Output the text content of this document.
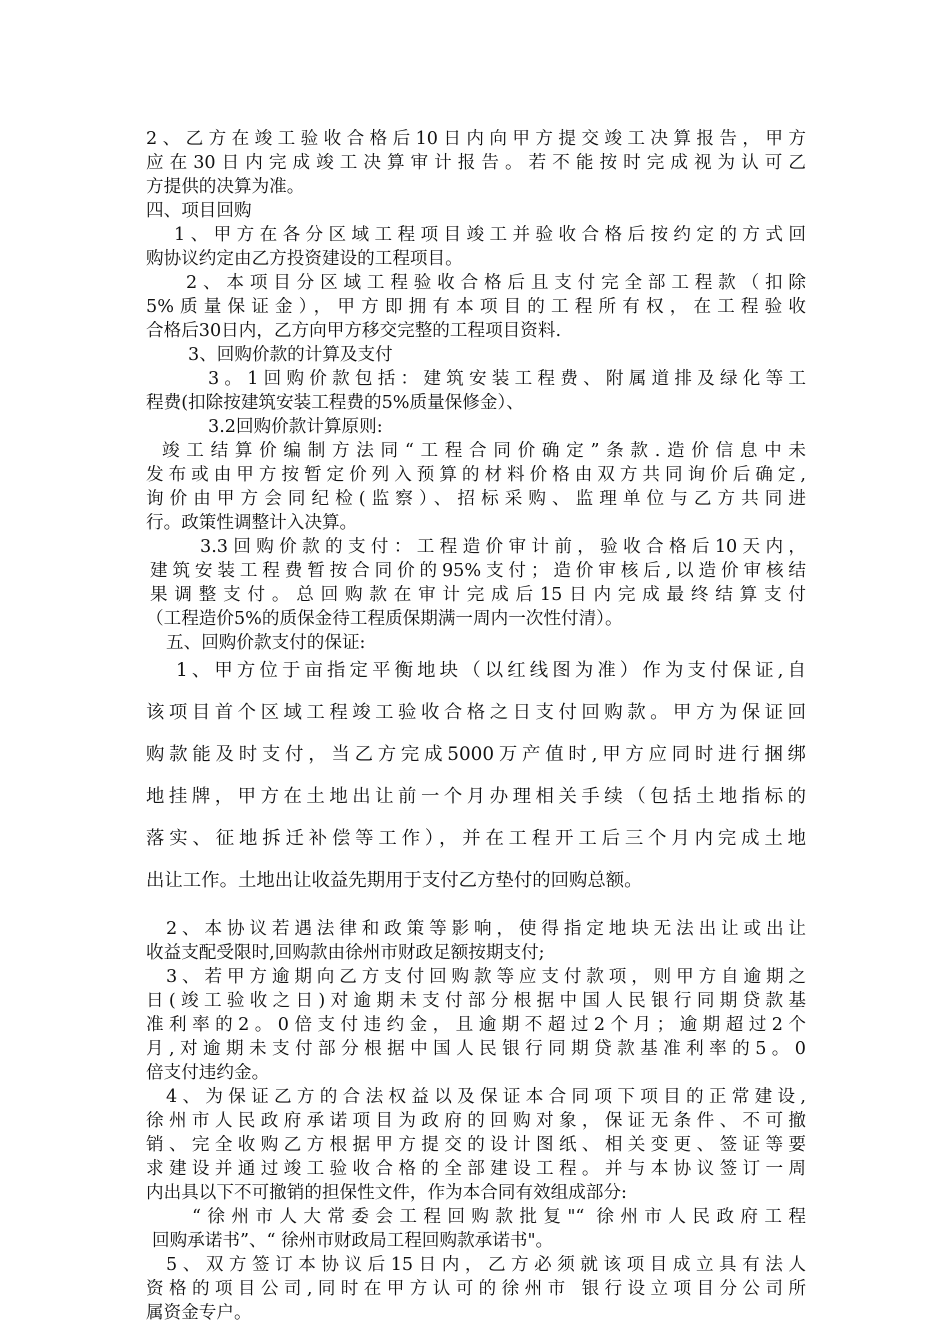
2、乙方在竣工验收合格后10日内向甲方提交竣工决算报告，甲方
应在30日内完成竣工决算审计报告。若不能按时完成视为认可乙
方提供的决算为准。
四、项目回购
1、甲方在各分区域工程项目竣工并验收合格后按约定的方式回
购协议约定由乙方投资建设的工程项目。
2、本项目分区域工程验收合格后且支付完全部工程款（扣除
5%质量保证金），甲方即拥有本项目的工程所有权，在工程验收
合格后30日内，乙方向甲方移交完整的工程项目资料.
3、回购价款的计算及支付
3。1回购价款包括：建筑安装工程费、附属道排及绿化等工
程费(扣除按建筑安装工程费的5%质量保修金）、
3.2回购价款计算原则:
竣工结算价编制方法同“工程合同价确定”条款.造价信息中未
发布或由甲方按暂定价列入预算的材料价格由双方共同询价后确定,
询价由甲方会同纪检(监察）、招标采购、监理单位与乙方共同进
行。政策性调整计入决算。
3.3回购价款的支付：工程造价审计前，验收合格后10天内，
建筑安装工程费暂按合同价的95%支付；造价审核后,以造价审核结
果调整支付。总回购款在审计完成后15日内完成最终结算支付
（工程造价5%的质保金待工程质保期满一周内一次性付清）。
五、回购价款支付的保证:
1、甲方位于亩指定平衡地块（以红线图为准）作为支付保证,自
该项目首个区域工程竣工验收合格之日支付回购款。甲方为保证回
购款能及时支付，当乙方完成5000万产值时,甲方应同时进行捆绑
地挂牌，甲方在土地出让前一个月办理相关手续（包括土地指标的
落实、征地拆迁补偿等工作），并在工程开工后三个月内完成土地
出让工作。土地出让收益先期用于支付乙方垫付的回购总额。
2、本协议若遇法律和政策等影响，使得指定地块无法出让或出让
收益支配受限时,回购款由徐州市财政足额按期支付;
3、若甲方逾期向乙方支付回购款等应支付款项，则甲方自逾期之
日(竣工验收之日)对逾期未支付部分根据中国人民银行同期贷款基
准利率的2。0倍支付违约金，且逾期不超过2个月；逾期超过2个
月,对逾期未支付部分根据中国人民银行同期贷款基准利率的5。0
倍支付违约金。
4、为保证乙方的合法权益以及保证本合同项下项目的正常建设,
徐州市人民政府承诺项目为政府的回购对象，保证无条件、不可撤
销、完全收购乙方根据甲方提交的设计图纸、相关变更、签证等要
求建设并通过竣工验收合格的全部建设工程。并与本协议签订一周
内出具以下不可撤销的担保性文件，作为本合同有效组成部分:
“徐州市人大常委会工程回购款批复"“ 徐州市人民政府工程
回购承诺书”、“ 徐州市财政局工程回购款承诺书"。
5、双方签订本协议后15日内，乙方必须就该项目成立具有法人
资格的项目公司,同时在甲方认可的徐州市 银行设立项目分公司所
属资金专户。
